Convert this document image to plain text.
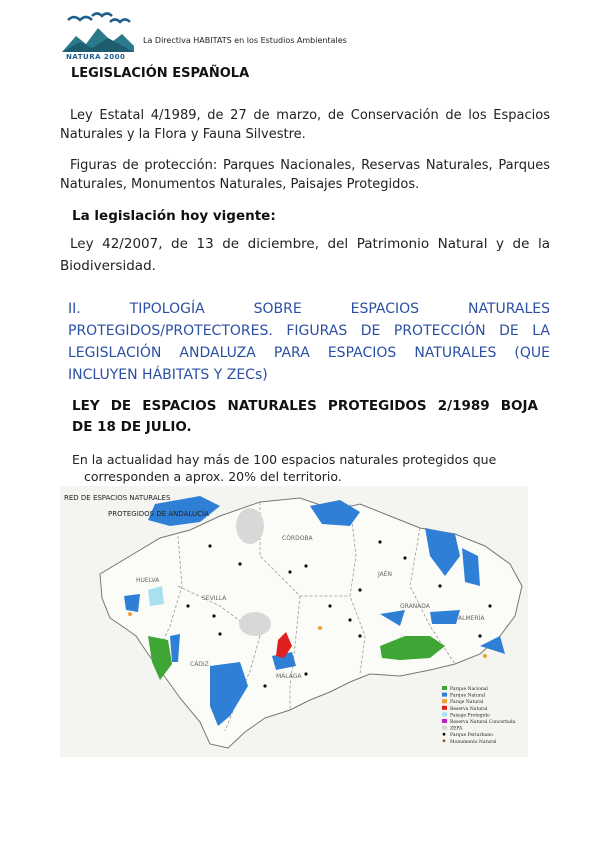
NATURA 2000
La Directiva HABITATS en los Estudios Ambientales
LEGISLACIÓN ESPAÑOLA
Ley Estatal 4/1989, de 27 de marzo, de Conservación de los Espacios Naturales y la Flora y Fauna Silvestre.
Figuras de protección: Parques Nacionales, Reservas Naturales, Parques Naturales, Monumentos Naturales, Paisajes Protegidos.
La legislación hoy vigente:
Ley 42/2007, de 13 de diciembre, del Patrimonio Natural y de la Biodiversidad.
II. TIPOLOGÍA SOBRE ESPACIOS NATURALES
PROTEGIDOS/PROTECTORES. FIGURAS DE PROTECCIÓN DE LA
LEGISLACIÓN ANDALUZA PARA ESPACIOS NATURALES (QUE
INCLUYEN HÁBITATS Y ZECs)
LEY DE ESPACIOS NATURALES PROTEGIDOS 2/1989 BOJA
DE 18 DE JULIO.
En la actualidad hay más de 100 espacios naturales protegidos que

corresponden a aprox. 20% del territorio.
RED DE ESPACIOS NATURALES
PROTEGIDOS DE ANDALUCÍA
CÓRDOBA
JAÉN
HUELVA
SEVILLA
GRANADA
ALMERÍA
CÁDIZ
MÁLAGA
Parque Nacional
Parque Natural
Paraje Natural
Reserva Natural
Paisaje Protegido
Reserva Natural Concertada
ZEPA
Parque Periurbano
Monumento Natural
